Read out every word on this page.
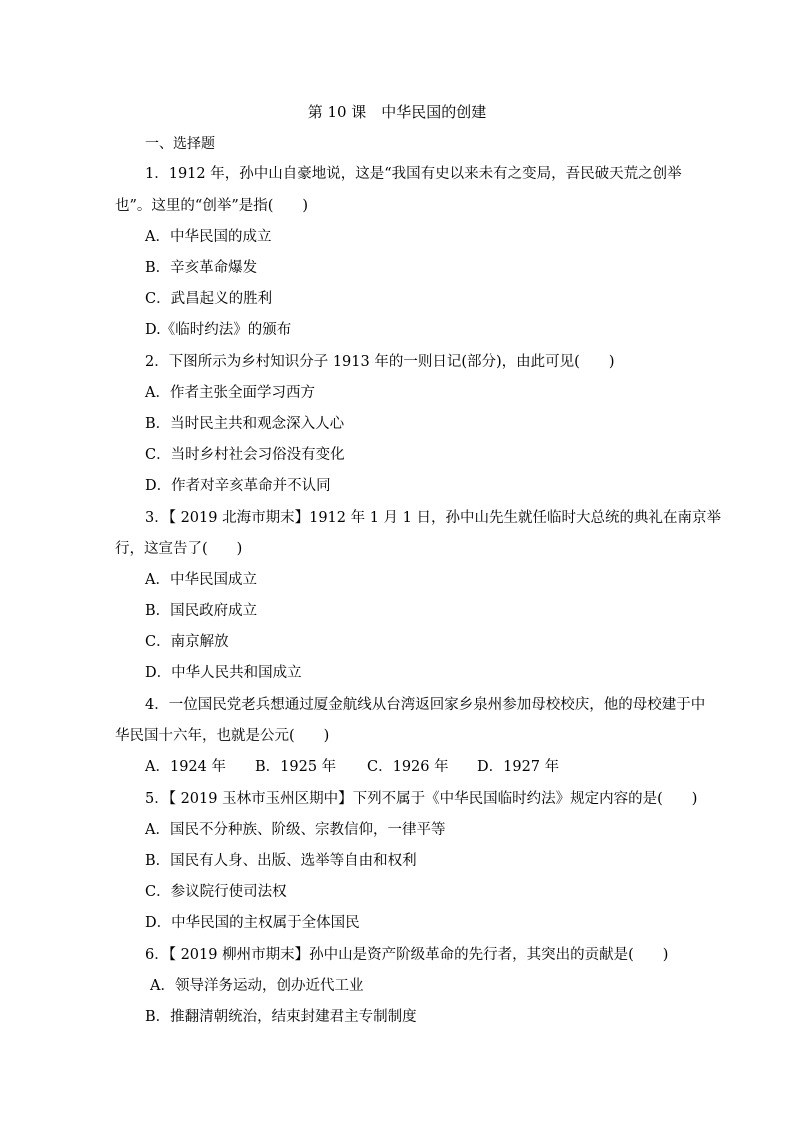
第 10 课　中华民国的创建
一、选择题
1．1912 年，孙中山自豪地说，这是“我国有史以来未有之变局，吾民破天荒之创举
也”。这里的“创举”是指(　　)
A．中华民国的成立
B．辛亥革命爆发
C．武昌起义的胜利
D.《临时约法》的颁布
2．下图所示为乡村知识分子 1913 年的一则日记(部分)，由此可见(　　)
A．作者主张全面学习西方
B．当时民主共和观念深入人心
C．当时乡村社会习俗没有变化
D．作者对辛亥革命并不认同
3．【 2019 北海市期末】1912 年 1 月 1 日，孙中山先生就任临时大总统的典礼在南京举
行，这宣告了(　　)
A．中华民国成立
B．国民政府成立
C．南京解放
D．中华人民共和国成立
4．一位国民党老兵想通过厦金航线从台湾返回家乡泉州参加母校校庆，他的母校建于中
华民国十六年，也就是公元(　　)
A．1924 年 B．1925 年 C．1926 年 D．1927 年
5．【 2019 玉林市玉州区期中】下列不属于《中华民国临时约法》规定内容的是(　　)
A．国民不分种族、阶级、宗教信仰，一律平等
B．国民有人身、出版、选举等自由和权利
C．参议院行使司法权
D．中华民国的主权属于全体国民
6．【 2019 柳州市期末】孙中山是资产阶级革命的先行者，其突出的贡献是(　　)
A．领导洋务运动，创办近代工业
B．推翻清朝统治，结束封建君主专制制度
